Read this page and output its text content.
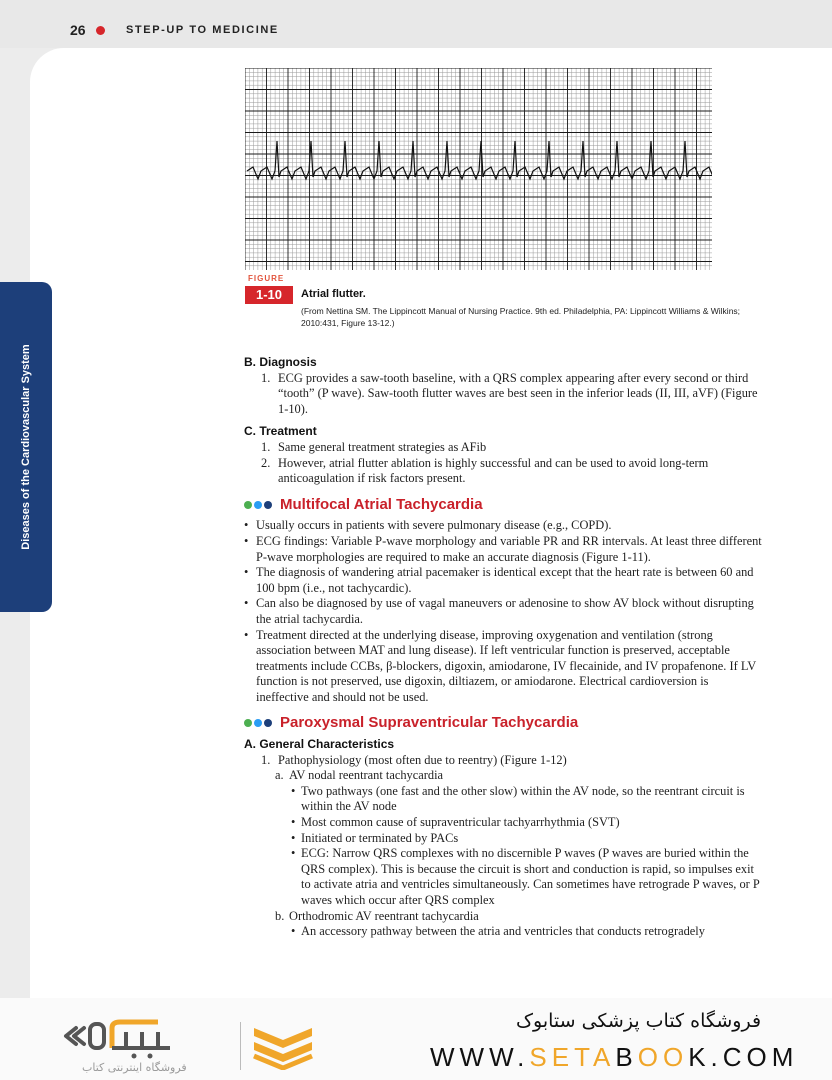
26	STEP-UP TO MEDICINE
Diseases of the Cardiovascular System
FIGURE
1-10	Atrial flutter.
(From Nettina SM. The Lippincott Manual of Nursing Practice. 9th ed. Philadelphia, PA: Lippincott Williams & Wilkins; 2010:431, Figure 13-12.)

B. Diagnosis

1. ECG provides a saw-tooth baseline, with a QRS complex appearing after every second or third “tooth” (P wave). Saw-tooth flutter waves are best seen in the inferior leads (II, III, aVF) (Figure 1-10).

C. Treatment

1. Same general treatment strategies as AFib
2. However, atrial flutter ablation is highly successful and can be used to avoid long-term anticoagulation if risk factors present.
Multifocal Atrial Tachycardia
• Usually occurs in patients with severe pulmonary disease (e.g., COPD).
• ECG findings: Variable P-wave morphology and variable PR and RR intervals. At least three different P-wave morphologies are required to make an accurate diagnosis (Figure 1-11).
• The diagnosis of wandering atrial pacemaker is identical except that the heart rate is between 60 and 100 bpm (i.e., not tachycardic).
• Can also be diagnosed by use of vagal maneuvers or adenosine to show AV block without disrupting the atrial tachycardia.
• Treatment directed at the underlying disease, improving oxygenation and ventilation (strong association between MAT and lung disease). If left ventricular function is preserved, acceptable treatments include CCBs, β-blockers, digoxin, amiodarone, IV flecainide, and IV propafenone. If LV function is not preserved, use digoxin, diltiazem, or amiodarone. Electrical cardioversion is ineffective and should not be used.
Paroxysmal Supraventricular Tachycardia

A. General Characteristics

1. Pathophysiology (most often due to reentry) (Figure 1-12)
a. AV nodal reentrant tachycardia
• Two pathways (one fast and the other slow) within the AV node, so the reentrant circuit is within the AV node
• Most common cause of supraventricular tachyarrhythmia (SVT)
• Initiated or terminated by PACs
• ECG: Narrow QRS complexes with no discernible P waves (P waves are buried within the QRS complex). This is because the circuit is short and conduction is rapid, so impulses exit to activate atria and ventricles simultaneously. Can sometimes have retrograde P waves, or P waves which occur after QRS complex
b. Orthodromic AV reentrant tachycardia
• An accessory pathway between the atria and ventricles that conducts retrogradely
فروشگاه اینترنتی کتاب
فروشگاه کتاب پزشکی ستابوک
WWW.SETABOOK.COM
